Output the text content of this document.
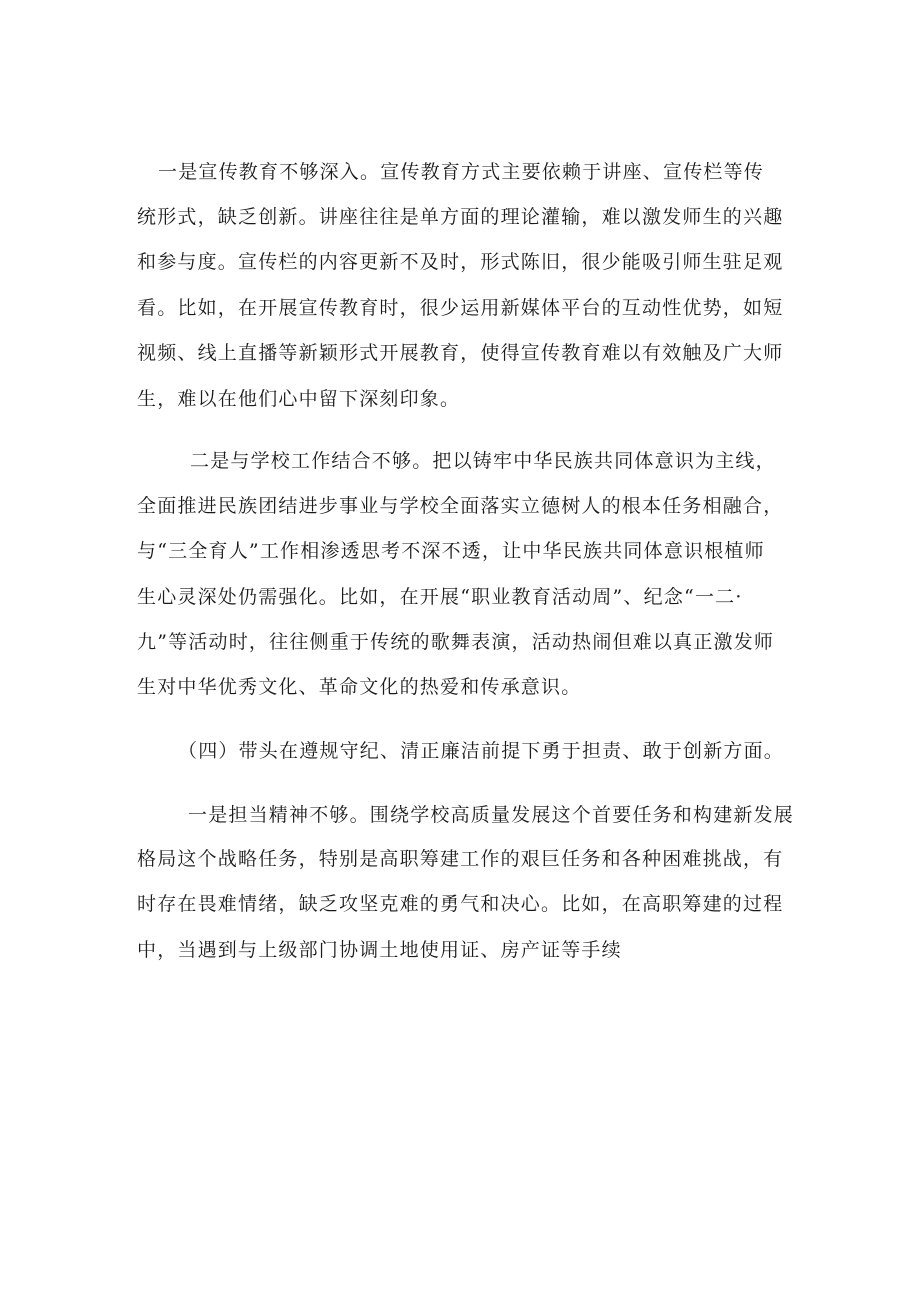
一是宣传教育不够深入。宣传教育方式主要依赖于讲座、宣传栏等传
统形式，缺乏创新。讲座往往是单方面的理论灌输，难以激发师生的兴趣
和参与度。宣传栏的内容更新不及时，形式陈旧，很少能吸引师生驻足观
看。比如，在开展宣传教育时，很少运用新媒体平台的互动性优势，如短
视频、线上直播等新颖形式开展教育，使得宣传教育难以有效触及广大师
生，难以在他们心中留下深刻印象。
二是与学校工作结合不够。把以铸牢中华民族共同体意识为主线，
全面推进民族团结进步事业与学校全面落实立德树人的根本任务相融合，
与“三全育人”工作相渗透思考不深不透，让中华民族共同体意识根植师
生心灵深处仍需强化。比如，在开展“职业教育活动周”、纪念“一二·
九”等活动时，往往侧重于传统的歌舞表演，活动热闹但难以真正激发师
生对中华优秀文化、革命文化的热爱和传承意识。
（四）带头在遵规守纪、清正廉洁前提下勇于担责、敢于创新方面。
一是担当精神不够。围绕学校高质量发展这个首要任务和构建新发展
格局这个战略任务，特别是高职筹建工作的艰巨任务和各种困难挑战，有
时存在畏难情绪，缺乏攻坚克难的勇气和决心。比如，在高职筹建的过程
中，当遇到与上级部门协调土地使用证、房产证等手续
